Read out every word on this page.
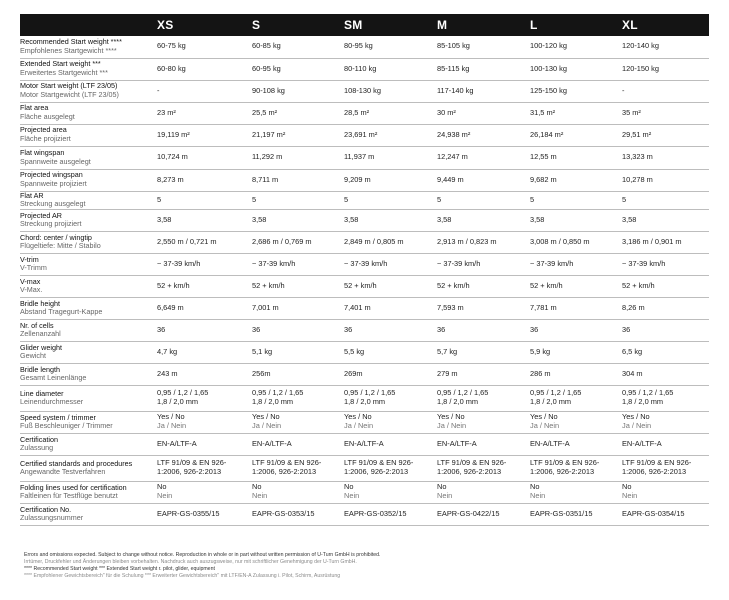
XS	S	SM	M	L	XL
Recommended Start weight ****
Empfohlenes Startgewicht ****	60-75 kg	60-85 kg	80-95 kg	85-105 kg	100-120 kg	120-140 kg

Extended Start weight ***
Erweitertes Startgewicht ***	60-80 kg	60-95 kg	80-110 kg	85-115 kg	100-130 kg	120-150 kg

Motor Start weight (LTF 23/05)
Motor Startgewicht (LTF 23/05)	-	90-108 kg	108-130 kg	117-140 kg	125-150 kg	-

Flat area
Fläche ausgelegt	23 m²	25,5 m²	28,5 m²	30 m²	31,5 m²	35 m²

Projected area
Fläche projiziert	19,119 m²	21,197 m²	23,691 m²	24,938 m²	26,184 m²	29,51 m²

Flat wingspan
Spannweite ausgelegt	10,724 m	11,292 m	11,937 m	12,247 m	12,55 m	13,323 m

Projected wingspan
Spannweite projiziert	8,273 m	8,711 m	9,209 m	9,449 m	9,682 m	10,278 m

Flat AR
Streckung ausgelegt	5	5	5	5	5	5

Projected AR
Streckung projiziert	3,58	3,58	3,58	3,58	3,58	3,58

Chord: center / wingtip
Flügeltiefe: Mitte / Stabilo	2,550 m / 0,721 m	2,686 m / 0,769 m	2,849 m / 0,805 m	2,913 m / 0,823 m	3,008 m / 0,850 m	3,186 m / 0,901 m

V-trim
V-Trimm	~ 37-39 km/h	~ 37-39 km/h	~ 37-39 km/h	~ 37-39 km/h	~ 37-39 km/h	~ 37-39 km/h

V-max
V-Max.	52 + km/h	52 + km/h	52 + km/h	52 + km/h	52 + km/h	52 + km/h

Bridle height
Abstand Tragegurt-Kappe	6,649 m	7,001 m	7,401 m	7,593 m	7,781 m	8,26 m

Nr. of cells
Zellenanzahl	36	36	36	36	36	36

Glider weight
Gewicht	4,7 kg	5,1 kg	5,5 kg	5,7 kg	5,9 kg	6,5 kg

Bridle length
Gesamt Leinenlänge	243 m	256m	269m	279 m	286 m	304 m

Line diameter
Leinendurchmesser	0,95 / 1,2 / 1,65
1,8 / 2,0 mm	0,95 / 1,2 / 1,65
1,8 / 2,0 mm	0,95 / 1,2 / 1,65
1,8 / 2,0 mm	0,95 / 1,2 / 1,65
1,8 / 2,0 mm	0,95 / 1,2 / 1,65
1,8 / 2,0 mm	0,95 / 1,2 / 1,65
1,8 / 2,0 mm

Speed system / trimmer
Fuß Beschleuniger / Trimmer	Yes / No
Ja / Nein	Yes / No
Ja / Nein	Yes / No
Ja / Nein	Yes / No
Ja / Nein	Yes / No
Ja / Nein	Yes / No
Ja / Nein

Certification
Zulassung	EN-A/LTF-A	EN-A/LTF-A	EN-A/LTF-A	EN-A/LTF-A	EN-A/LTF-A	EN-A/LTF-A

Certified standards and procedures
Angewandte Testverfahren	LTF 91/09 & EN 926-
1:2006, 926-2:2013	LTF 91/09 & EN 926-
1:2006, 926-2:2013	LTF 91/09 & EN 926-
1:2006, 926-2:2013	LTF 91/09 & EN 926-
1:2006, 926-2:2013	LTF 91/09 & EN 926-
1:2006, 926-2:2013	LTF 91/09 & EN 926-
1:2006, 926-2:2013

Folding lines used for certification
Faltleinen für Testflüge benutzt	No
Nein	No
Nein	No
Nein	No
Nein	No
Nein	No
Nein

Certification No.
Zulassungsnummer	EAPR-GS-0355/15	EAPR-GS-0353/15	EAPR-GS-0352/15	EAPR-GS-0422/15	EAPR-GS-0351/15	EAPR-GS-0354/15
Errors and omissions expected. Subject to change without notice. Reproduction in whole or in part without written permission of U-Turn GmbH is prohibited.
Irrtümer, Druckfehler und Änderungen bleiben vorbehalten. Nachdruck auch auszugsweise, nur mit schriftlicher Genehmigung der U-Turn GmbH.
**** Recommended Start weight *** Extended Start weight r. pilot, glider, equipment
**** Empfohlener Gewichtsbereich" für die Schulung *** Erweiterter Gewichtsbereich" mit LTF/EN-A Zulassung i. Pilot, Schirm, Ausrüstung
